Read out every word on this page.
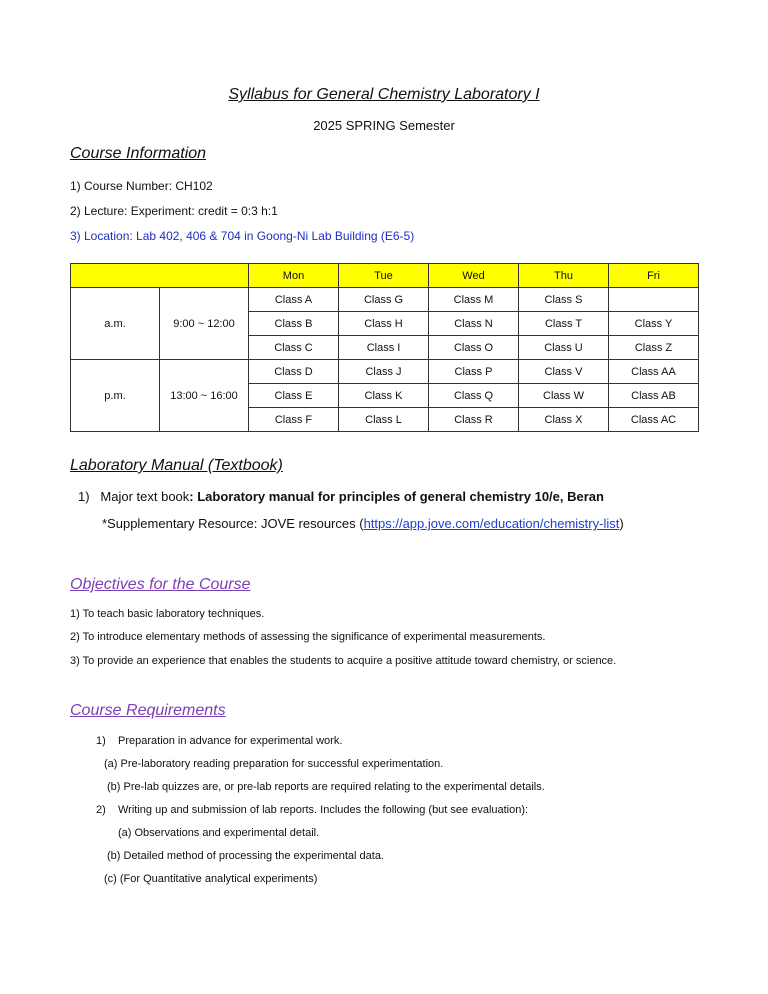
Syllabus for General Chemistry Laboratory I
2025 SPRING Semester
Course Information
1) Course Number: CH102
2) Lecture: Experiment: credit = 0:3 h:1
3) Location: Lab 402, 406 & 704 in Goong-Ni Lab Building (E6-5)
		Mon	Tue	Wed	Thu	Fri
a.m.	9:00 ~ 12:00	Class A	Class G	Class M	Class S	
		Class B	Class H	Class N	Class T	Class Y
		Class C	Class I	Class O	Class U	Class Z
p.m.	13:00 ~ 16:00	Class D	Class J	Class P	Class V	Class AA
		Class E	Class K	Class Q	Class W	Class AB
		Class F	Class L	Class R	Class X	Class AC
Laboratory Manual (Textbook)
1) Major text book: Laboratory manual for principles of general chemistry 10/e, Beran
*Supplementary Resource: JOVE resources (https://app.jove.com/education/chemistry-list)
Objectives for the Course
1) To teach basic laboratory techniques.
2) To introduce elementary methods of assessing the significance of experimental measurements.
3) To provide an experience that enables the students to acquire a positive attitude toward chemistry, or science.
Course Requirements
1) Preparation in advance for experimental work.
(a) Pre-laboratory reading preparation for successful experimentation.
(b) Pre-lab quizzes are, or pre-lab reports are required relating to the experimental details.
2) Writing up and submission of lab reports. Includes the following (but see evaluation):
(a) Observations and experimental detail.
(b) Detailed method of processing the experimental data.
(c) (For Quantitative analytical experiments)
